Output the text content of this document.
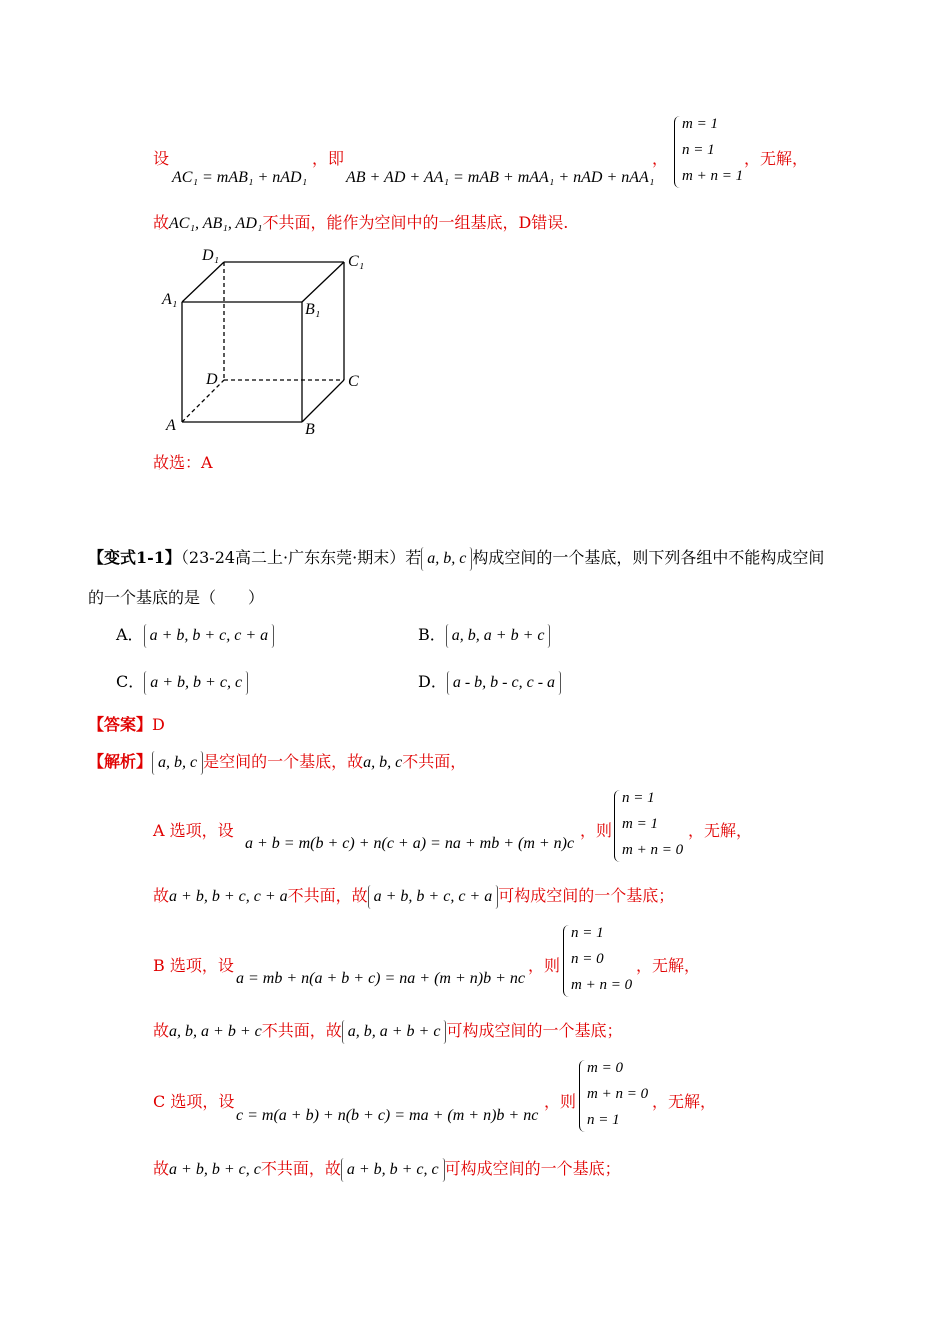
设
AC₁ = mAB₁ + nAD₁
，即
AB + AD + AA₁ = mAB + mAA₁ + nAD + nAA₁
，
m = 1
n = 1
m + n = 1
，无解，
故AC₁, AB₁, AD₁不共面，能作为空间中的一组基底，D错误.
D₁	C₁
A₁
B₁
D	C
A	B
故选：A
【变式1-1】（23-24高二上·广东东莞·期末）若 a, b, c 构成空间的一个基底，则下列各组中不能构成空间
的一个基底的是（　　）
A． a + b, b + c, c + a	B． a, b, a + b + c
C． a + b, b + c, c	D． a - b, b - c, c - a
【答案】D
【解析】 a, b, c 是空间的一个基底，故a, b, c不共面，
A 选项，设
a + b = m(b + c) + n(c + a) = na + mb + (m + n)c
，则
n = 1
m = 1
m + n = 0
，无解，
故a + b, b + c, c + a不共面，故 a + b, b + c, c + a 可构成空间的一个基底；
B 选项，设
a = mb + n(a + b + c) = na + (m + n)b + nc
，则
n = 1
n = 0
m + n = 0
，无解，
故a, b, a + b + c不共面，故 a, b, a + b + c 可构成空间的一个基底；
C 选项，设
c = m(a + b) + n(b + c) = ma + (m + n)b + nc
，则
m = 0
m + n = 0
n = 1
，无解，
故a + b, b + c, c不共面，故 a + b, b + c, c 可构成空间的一个基底；
